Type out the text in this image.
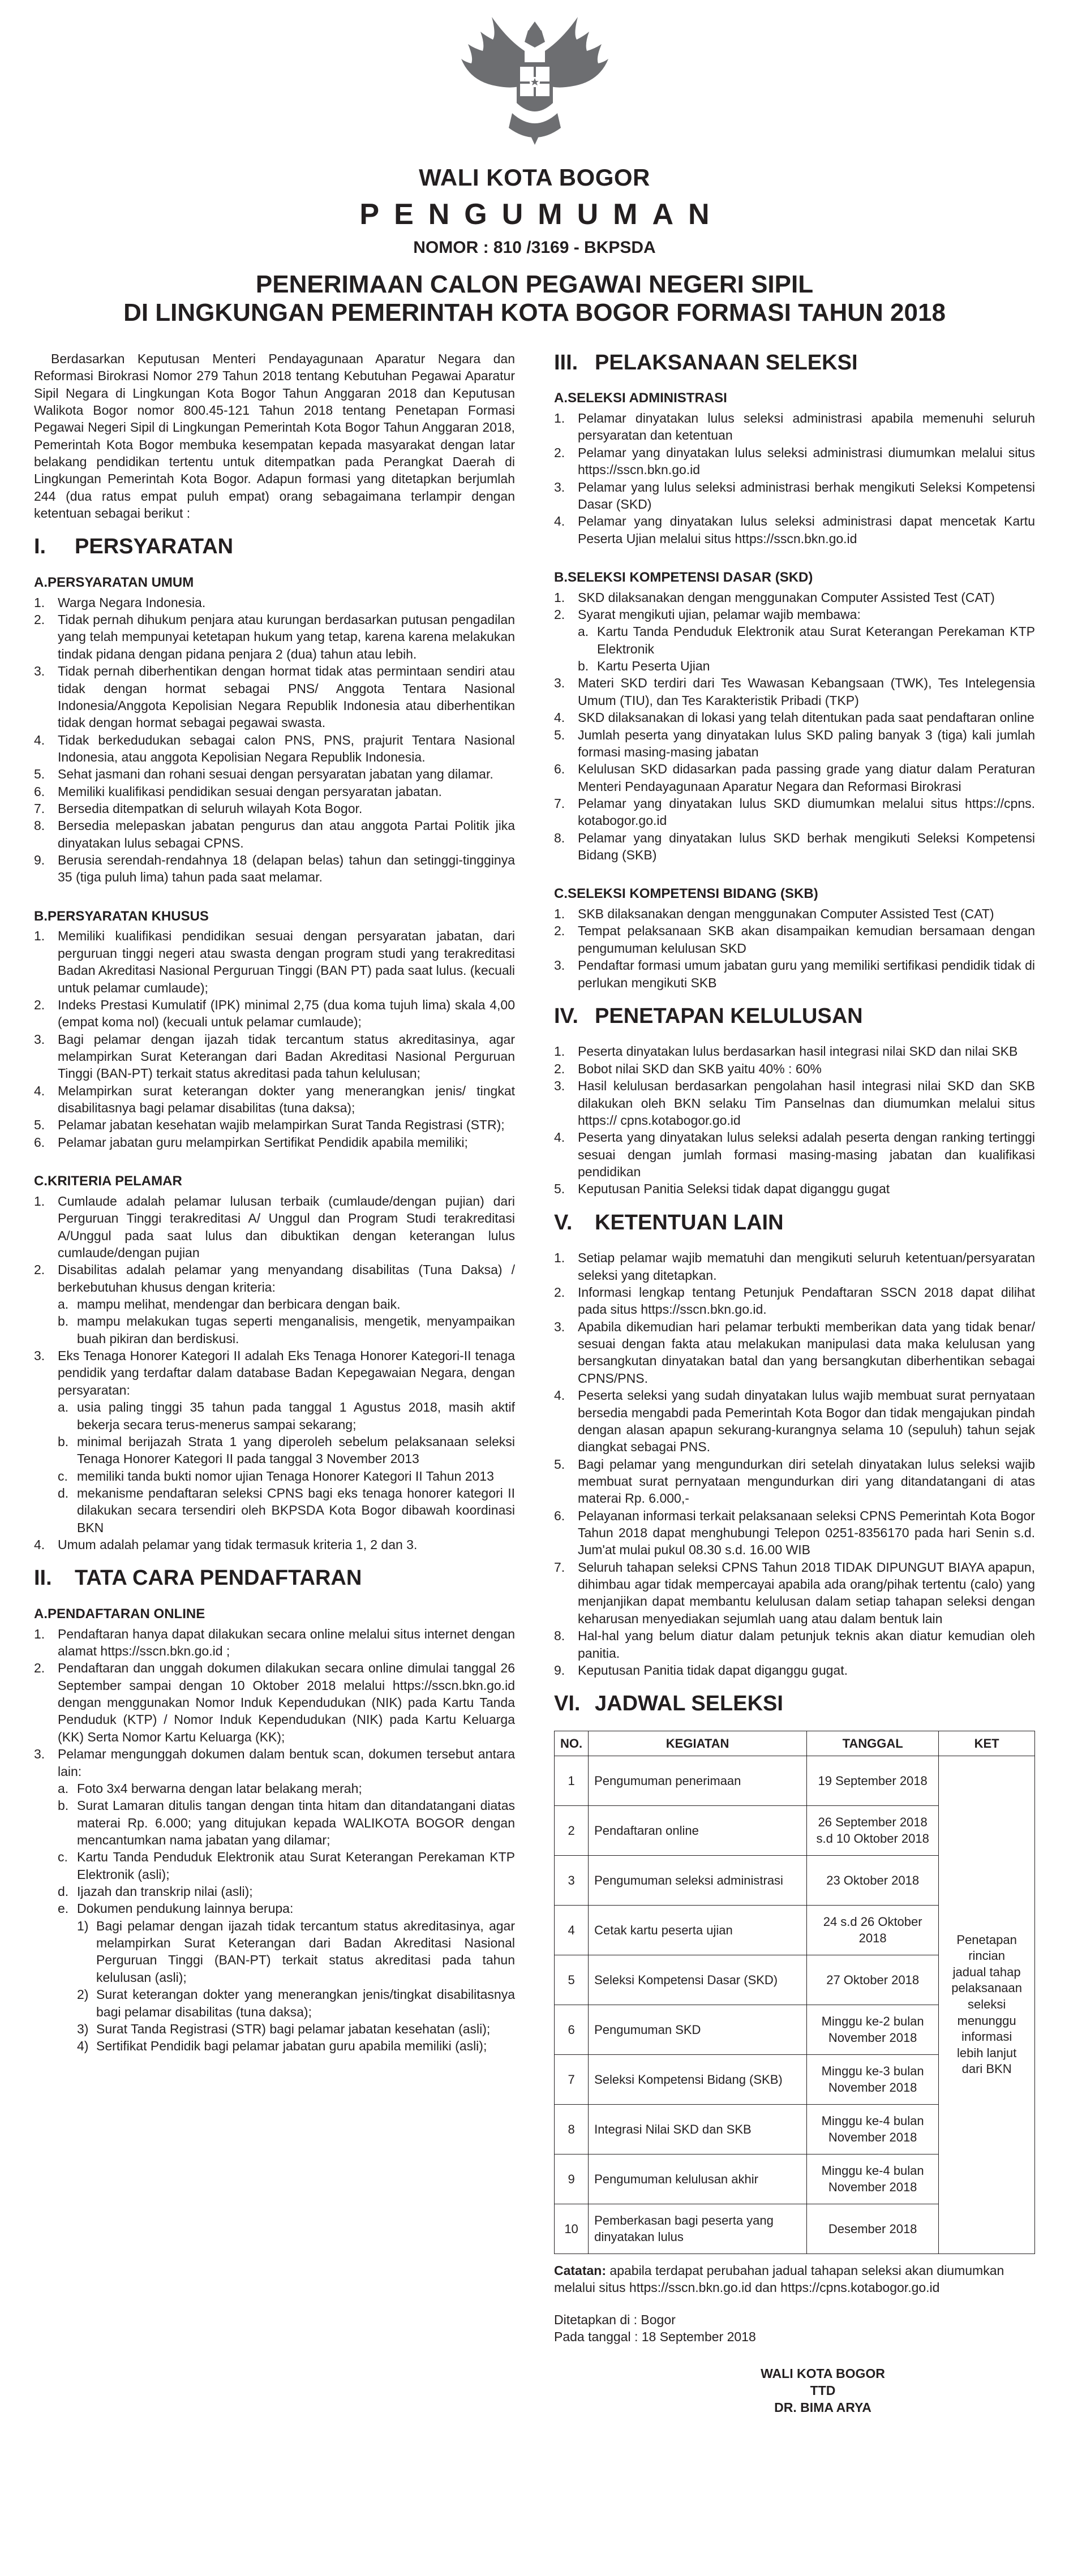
WALI KOTA BOGOR
PENGUMUMAN
NOMOR : 810 /3169 - BKPSDA
PENERIMAAN CALON PEGAWAI NEGERI SIPIL
DI LINGKUNGAN PEMERINTAH KOTA BOGOR FORMASI TAHUN 2018

Berdasarkan Keputusan Menteri Pendayagunaan Aparatur Negara dan Reformasi Birokrasi Nomor 279 Tahun 2018 tentang Kebutuhan Pegawai Aparatur Sipil Negara di Lingkungan Kota Bogor Tahun Anggaran 2018 dan Keputusan Walikota Bogor nomor 800.45-121 Tahun 2018 tentang Penetapan Formasi Pegawai Negeri Sipil di Lingkungan Pemerintah Kota Bogor Tahun Anggaran 2018, Pemerintah Kota Bogor membuka kesempatan kepada masyarakat dengan latar belakang pendidikan tertentu untuk ditempatkan pada Perangkat Daerah di Lingkungan Pemerintah Kota Bogor. Adapun formasi yang ditetapkan berjumlah 244 (dua ratus empat puluh empat) orang sebagaimana terlampir dengan ketentuan sebagai berikut :

I.	PERSYARATAN
A. PERSYARATAN UMUM
1. Warga Negara Indonesia.
2. Tidak pernah dihukum penjara atau kurungan berdasarkan putusan pengadilan yang telah mempunyai ketetapan hukum yang tetap, karena karena melakukan tindak pidana dengan pidana penjara 2 (dua) tahun atau lebih.
3. Tidak pernah diberhentikan dengan hormat tidak atas permintaan sendiri atau tidak dengan hormat sebagai PNS/ Anggota Tentara Nasional Indonesia/Anggota Kepolisian Negara Republik Indonesia atau diberhentikan tidak dengan hormat sebagai pegawai swasta.
4. Tidak berkedudukan sebagai calon PNS, PNS, prajurit Tentara Nasional Indonesia, atau anggota Kepolisian Negara Republik Indonesia.
5. Sehat jasmani dan rohani sesuai dengan persyaratan jabatan yang dilamar.
6. Memiliki kualifikasi pendidikan sesuai dengan persyaratan jabatan.
7. Bersedia ditempatkan di seluruh wilayah Kota Bogor.
8. Bersedia melepaskan jabatan pengurus dan atau anggota Partai Politik jika dinyatakan lulus sebagai CPNS.
9. Berusia serendah-rendahnya 18 (delapan belas) tahun dan setinggi-tingginya 35 (tiga puluh lima) tahun pada saat melamar.
B. PERSYARATAN KHUSUS
1. Memiliki kualifikasi pendidikan sesuai dengan persyaratan jabatan, dari perguruan tinggi negeri atau swasta dengan program studi yang terakreditasi Badan Akreditasi Nasional Perguruan Tinggi (BAN PT) pada saat lulus. (kecuali untuk pelamar cumlaude);
2. Indeks Prestasi Kumulatif (IPK) minimal 2,75 (dua koma tujuh lima) skala 4,00 (empat koma nol) (kecuali untuk pelamar cumlaude);
3. Bagi pelamar dengan ijazah tidak tercantum status akreditasinya, agar melampirkan Surat Keterangan dari Badan Akreditasi Nasional Perguruan Tinggi (BAN-PT) terkait status akreditasi pada tahun kelulusan;
4. Melampirkan surat keterangan dokter yang menerangkan jenis/ tingkat disabilitasnya bagi pelamar disabilitas (tuna daksa);
5. Pelamar jabatan kesehatan wajib melampirkan Surat Tanda Registrasi (STR);
6. Pelamar jabatan guru melampirkan Sertifikat Pendidik apabila memiliki;
C. KRITERIA PELAMAR
1. Cumlaude adalah pelamar lulusan terbaik (cumlaude/dengan pujian) dari Perguruan Tinggi terakreditasi A/ Unggul dan Program Studi terakreditasi A/Unggul pada saat lulus dan dibuktikan dengan keterangan lulus cumlaude/dengan pujian
2. Disabilitas adalah pelamar yang menyandang disabilitas (Tuna Daksa) / berkebutuhan khusus dengan kriteria:
a. mampu melihat, mendengar dan berbicara dengan baik.
b. mampu melakukan tugas seperti menganalisis, mengetik, menyampaikan buah pikiran dan berdiskusi.
3. Eks Tenaga Honorer Kategori II adalah Eks Tenaga Honorer Kategori-II tenaga pendidik yang terdaftar dalam database Badan Kepegawaian Negara, dengan persyaratan:
a. usia paling tinggi 35 tahun pada tanggal 1 Agustus 2018, masih aktif bekerja secara terus-menerus sampai sekarang;
b. minimal berijazah Strata 1 yang diperoleh sebelum pelaksanaan seleksi Tenaga Honorer Kategori II pada tanggal 3 November 2013
c. memiliki tanda bukti nomor ujian Tenaga Honorer Kategori II Tahun 2013
d. mekanisme pendaftaran seleksi CPNS bagi eks tenaga honorer kategori II dilakukan secara tersendiri oleh BKPSDA Kota Bogor dibawah koordinasi BKN
4. Umum adalah pelamar yang tidak termasuk kriteria 1, 2 dan 3.
II.	TATA CARA PENDAFTARAN
A. PENDAFTARAN ONLINE
1. Pendaftaran hanya dapat dilakukan secara online melalui situs internet dengan alamat https://sscn.bkn.go.id ;
2. Pendaftaran dan unggah dokumen dilakukan secara online dimulai tanggal 26 September sampai dengan 10 Oktober 2018 melalui https://sscn.bkn.go.id dengan menggunakan Nomor Induk Kependudukan (NIK) pada Kartu Tanda Penduduk (KTP) / Nomor Induk Kependudukan (NIK) pada Kartu Keluarga (KK) Serta Nomor Kartu Keluarga (KK);
3. Pelamar mengunggah dokumen dalam bentuk scan, dokumen tersebut antara lain:
a. Foto 3x4 berwarna dengan latar belakang merah;
b. Surat Lamaran ditulis tangan dengan tinta hitam dan ditandatangani diatas materai Rp. 6.000; yang ditujukan kepada WALIKOTA BOGOR dengan mencantumkan nama jabatan yang dilamar;
c. Kartu Tanda Penduduk Elektronik atau Surat Keterangan Perekaman KTP Elektronik (asli);
d. Ijazah dan transkrip nilai (asli);
e. Dokumen pendukung lainnya berupa:
1) Bagi pelamar dengan ijazah tidak tercantum status akreditasinya, agar melampirkan Surat Keterangan dari Badan Akreditasi Nasional Perguruan Tinggi (BAN-PT) terkait status akreditasi pada tahun kelulusan (asli);
2) Surat keterangan dokter yang menerangkan jenis/tingkat disabilitasnya bagi pelamar disabilitas (tuna daksa);
3) Surat Tanda Registrasi (STR) bagi pelamar jabatan kesehatan (asli);
4) Sertifikat Pendidik bagi pelamar jabatan guru apabila memiliki (asli);
III. PELAKSANAAN SELEKSI
A. SELEKSI ADMINISTRASI
1. Pelamar dinyatakan lulus seleksi administrasi apabila memenuhi seluruh persyaratan dan ketentuan
2. Pelamar yang dinyatakan lulus seleksi administrasi diumumkan melalui situs https://sscn.bkn.go.id
3. Pelamar yang lulus seleksi administrasi berhak mengikuti Seleksi Kompetensi Dasar (SKD)
4. Pelamar yang dinyatakan lulus seleksi administrasi dapat mencetak Kartu Peserta Ujian melalui situs https://sscn.bkn.go.id
B. SELEKSI KOMPETENSI DASAR (SKD)
1. SKD dilaksanakan dengan menggunakan Computer Assisted Test (CAT)
2. Syarat mengikuti ujian, pelamar wajib membawa:
a. Kartu Tanda Penduduk Elektronik atau Surat Keterangan Perekaman KTP Elektronik
b. Kartu Peserta Ujian
3. Materi SKD terdiri dari Tes Wawasan Kebangsaan (TWK), Tes Intelegensia Umum (TIU), dan Tes Karakteristik Pribadi (TKP)
4. SKD dilaksanakan di lokasi yang telah ditentukan pada saat pendaftaran online
5. Jumlah peserta yang dinyatakan lulus SKD paling banyak 3 (tiga) kali jumlah formasi masing-masing jabatan
6. Kelulusan SKD didasarkan pada passing grade yang diatur dalam Peraturan Menteri Pendayagunaan Aparatur Negara dan Reformasi Birokrasi
7. Pelamar yang dinyatakan lulus SKD diumumkan melalui situs https://cpns. kotabogor.go.id
8. Pelamar yang dinyatakan lulus SKD berhak mengikuti Seleksi Kompetensi Bidang (SKB)
C. SELEKSI KOMPETENSI BIDANG (SKB)
1. SKB dilaksanakan dengan menggunakan Computer Assisted Test (CAT)
2. Tempat pelaksanaan SKB akan disampaikan kemudian bersamaan dengan pengumuman kelulusan SKD
3. Pendaftar formasi umum jabatan guru yang memiliki sertifikasi pendidik tidak di perlukan mengikuti SKB
IV. PENETAPAN KELULUSAN
1. Peserta dinyatakan lulus berdasarkan hasil integrasi nilai SKD dan nilai SKB
2. Bobot nilai SKD dan SKB yaitu 40% : 60%
3. Hasil kelulusan berdasarkan pengolahan hasil integrasi nilai SKD dan SKB dilakukan oleh BKN selaku Tim Panselnas dan diumumkan melalui situs https:// cpns.kotabogor.go.id
4. Peserta yang dinyatakan lulus seleksi adalah peserta dengan ranking tertinggi sesuai dengan jumlah formasi masing-masing jabatan dan kualifikasi pendidikan
5. Keputusan Panitia Seleksi tidak dapat diganggu gugat
V.	KETENTUAN LAIN
1. Setiap pelamar wajib mematuhi dan mengikuti seluruh ketentuan/persyaratan seleksi yang ditetapkan.
2. Informasi lengkap tentang Petunjuk Pendaftaran SSCN 2018 dapat dilihat pada situs https://sscn.bkn.go.id.
3. Apabila dikemudian hari pelamar terbukti memberikan data yang tidak benar/ sesuai dengan fakta atau melakukan manipulasi data maka kelulusan yang bersangkutan dinyatakan batal dan yang bersangkutan diberhentikan sebagai CPNS/PNS.
4. Peserta seleksi yang sudah dinyatakan lulus wajib membuat surat pernyataan bersedia mengabdi pada Pemerintah Kota Bogor dan tidak mengajukan pindah dengan alasan apapun sekurang-kurangnya selama 10 (sepuluh) tahun sejak diangkat sebagai PNS.
5. Bagi pelamar yang mengundurkan diri setelah dinyatakan lulus seleksi wajib membuat surat pernyataan mengundurkan diri yang ditandatangani di atas materai Rp. 6.000,-
6. Pelayanan informasi terkait pelaksanaan seleksi CPNS Pemerintah Kota Bogor Tahun 2018 dapat menghubungi Telepon 0251-8356170 pada hari Senin s.d. Jum'at mulai pukul 08.30 s.d. 16.00 WIB
7. Seluruh tahapan seleksi CPNS Tahun 2018 TIDAK DIPUNGUT BIAYA apapun, dihimbau agar tidak mempercayai apabila ada orang/pihak tertentu (calo) yang menjanjikan dapat membantu kelulusan dalam setiap tahapan seleksi dengan keharusan menyediakan sejumlah uang atau dalam bentuk lain
8. Hal-hal yang belum diatur dalam petunjuk teknis akan diatur kemudian oleh panitia.
9. Keputusan Panitia tidak dapat diganggu gugat.
VI. JADWAL SELEKSI
NO.	KEGIATAN	TANGGAL	KET
1	Pengumuman penerimaan	19 September 2018	Penetapan rincian jadual tahap pelaksanaan seleksi menunggu informasi lebih lanjut dari BKN
2	Pendaftaran online	26 September 2018 s.d 10 Oktober 2018	
3	Pengumuman seleksi administrasi	23 Oktober 2018	
4	Cetak kartu peserta ujian	24 s.d 26 Oktober 2018	
5	Seleksi Kompetensi Dasar (SKD)	27 Oktober 2018	
6	Pengumuman SKD	Minggu ke-2 bulan November 2018	
7	Seleksi Kompetensi Bidang (SKB)	Minggu ke-3 bulan November 2018	
8	Integrasi Nilai SKD dan SKB	Minggu ke-4 bulan November 2018	
9	Pengumuman kelulusan akhir	Minggu ke-4 bulan November 2018	
10	Pemberkasan bagi peserta yang dinyatakan lulus	Desember 2018	

Catatan: apabila terdapat perubahan jadual tahapan seleksi akan diumumkan melalui situs https://sscn.bkn.go.id dan https://cpns.kotabogor.go.id

Ditetapkan di : Bogor
Pada tanggal : 18 September 2018
WALI KOTA BOGOR
TTD
DR. BIMA ARYA
